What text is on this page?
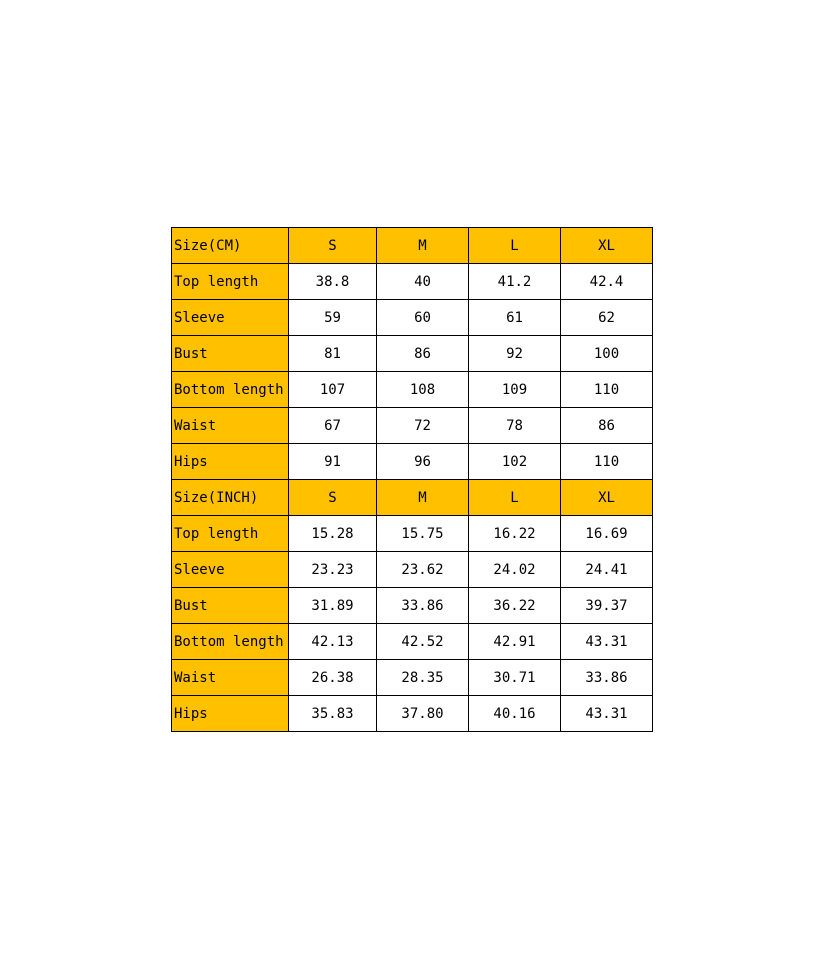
Size(CM)	S	M	L	XL
Top length	38.8	40	41.2	42.4
Sleeve	59	60	61	62
Bust	81	86	92	100
Bottom length	107	108	109	110
Waist	67	72	78	86
Hips	91	96	102	110
Size(INCH)	S	M	L	XL
Top length	15.28	15.75	16.22	16.69
Sleeve	23.23	23.62	24.02	24.41
Bust	31.89	33.86	36.22	39.37
Bottom length	42.13	42.52	42.91	43.31
Waist	26.38	28.35	30.71	33.86
Hips	35.83	37.80	40.16	43.31
